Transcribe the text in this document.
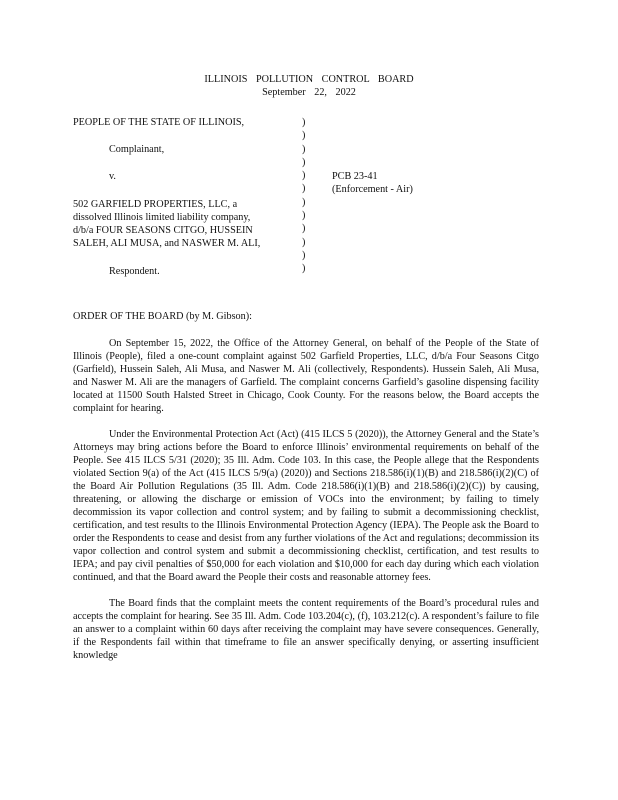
ILLINOIS POLLUTION CONTROL BOARD
September 22, 2022

PEOPLE OF THE STATE OF ILLINOIS,

Complainant,

v.

502 GARFIELD PROPERTIES, LLC, a

dissolved Illinois limited liability company,

d/b/a FOUR SEASONS CITGO, HUSSEIN

SALEH, ALI MUSA, and NASWER M. ALI,

Respondent.

)
)
)
)
)
)
)
)
)
)
)
)
PCB 23-41
(Enforcement - Air)
ORDER OF THE BOARD (by M. Gibson):

On September 15, 2022, the Office of the Attorney General, on behalf of the People of the State of Illinois (People), filed a one-count complaint against 502 Garfield Properties, LLC, d/b/a Four Seasons Citgo (Garfield), Hussein Saleh, Ali Musa, and Naswer M. Ali (collectively, Respondents). Hussein Saleh, Ali Musa, and Naswer M. Ali are the managers of Garfield. The complaint concerns Garfield’s gasoline dispensing facility located at 11500 South Halsted Street in Chicago, Cook County. For the reasons below, the Board accepts the complaint for hearing.

Under the Environmental Protection Act (Act) (415 ILCS 5 (2020)), the Attorney General and the State’s Attorneys may bring actions before the Board to enforce Illinois’ environmental requirements on behalf of the People. See 415 ILCS 5/31 (2020); 35 Ill. Adm. Code 103. In this case, the People allege that the Respondents violated Section 9(a) of the Act (415 ILCS 5/9(a) (2020)) and Sections 218.586(i)(1)(B) and 218.586(i)(2)(C) of the Board Air Pollution Regulations (35 Ill. Adm. Code 218.586(i)(1)(B) and 218.586(i)(2)(C)) by causing, threatening, or allowing the discharge or emission of VOCs into the environment; by failing to timely decommission its vapor collection and control system; and by failing to submit a decommissioning checklist, certification, and test results to the Illinois Environmental Protection Agency (IEPA). The People ask the Board to order the Respondents to cease and desist from any further violations of the Act and regulations; decommission its vapor collection and control system and submit a decommissioning checklist, certification, and test results to IEPA; and pay civil penalties of $50,000 for each violation and $10,000 for each day during which each violation continued, and that the Board award the People their costs and reasonable attorney fees.

The Board finds that the complaint meets the content requirements of the Board’s procedural rules and accepts the complaint for hearing. See 35 Ill. Adm. Code 103.204(c), (f), 103.212(c). A respondent’s failure to file an answer to a complaint within 60 days after receiving the complaint may have severe consequences. Generally, if the Respondents fail within that timeframe to file an answer specifically denying, or asserting insufficient knowledge
